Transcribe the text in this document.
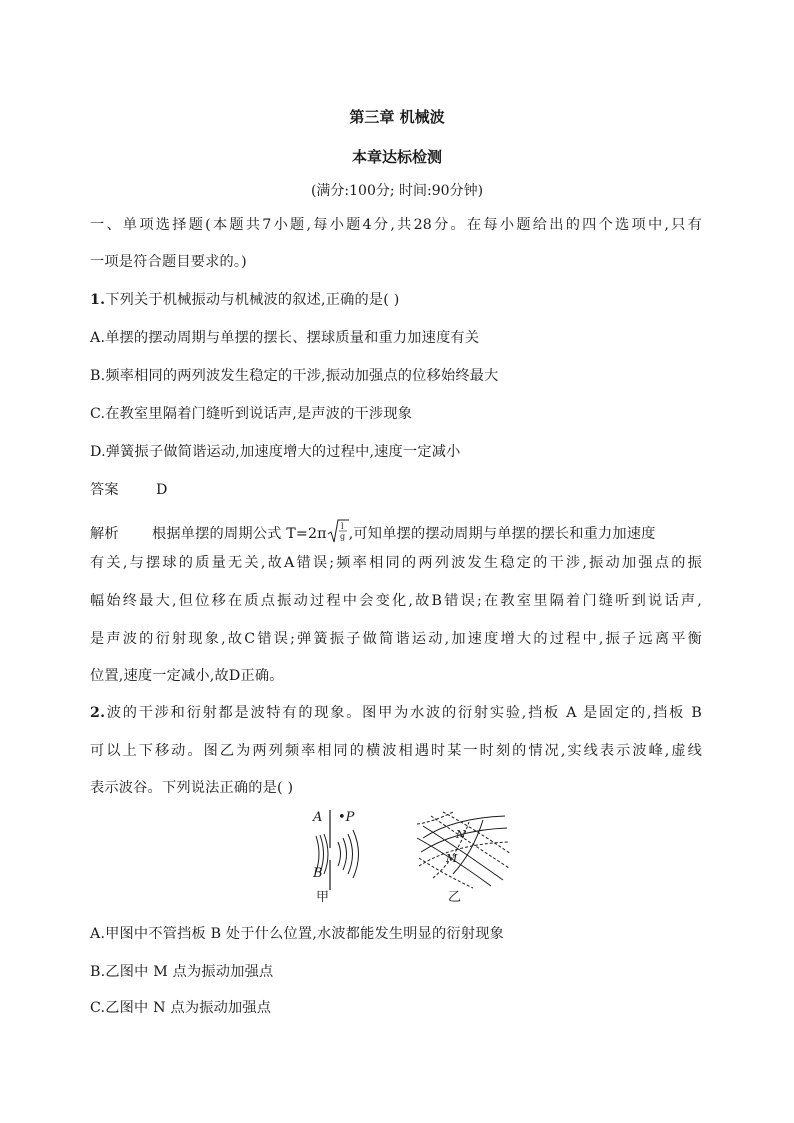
第三章 机械波
本章达标检测
(满分:100分; 时间:90分钟)
一、单项选择题(本题共7小题,每小题4分,共28分。在每小题给出的四个选项中,只有
一项是符合题目要求的。)
1.下列关于机械振动与机械波的叙述,正确的是( )
A.单摆的摆动周期与单摆的摆长、摆球质量和重力加速度有关
B.频率相同的两列波发生稳定的干涉,振动加强点的位移始终最大
C.在教室里隔着门缝听到说话声,是声波的干涉现象
D.弹簧振子做简谐运动,加速度增大的过程中,速度一定减小
答案	D
解析 根据单摆的周期公式 T=2π l
g ,可知单摆的摆动周期与单摆的摆长和重力加速度
有关,与摆球的质量无关,故A错误;频率相同的两列波发生稳定的干涉,振动加强点的振
幅始终最大,但位移在质点振动过程中会变化,故B错误;在教室里隔着门缝听到说话声,
是声波的衍射现象,故C错误;弹簧振子做简谐运动,加速度增大的过程中,振子远离平衡
位置,速度一定减小,故D正确。
2.波的干涉和衍射都是波特有的现象。图甲为水波的衍射实验,挡板 A 是固定的,挡板 B
可以上下移动。图乙为两列频率相同的横波相遇时某一时刻的情况,实线表示波峰,虚线
表示波谷。下列说法正确的是( )
A •P
B
甲
N
M
乙
A.甲图中不管挡板 B 处于什么位置,水波都能发生明显的衍射现象
B.乙图中 M 点为振动加强点
C.乙图中 N 点为振动加强点
